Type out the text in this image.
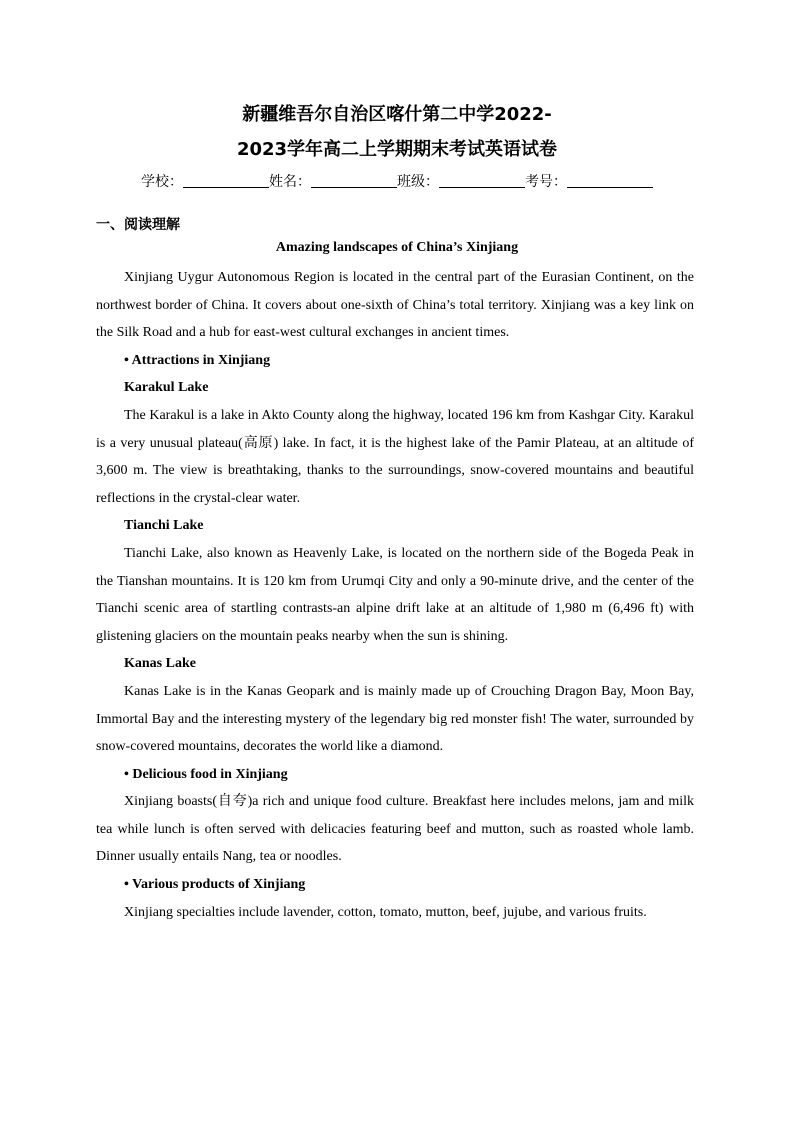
新疆维吾尔自治区喀什第二中学2022-
2023学年高二上学期期末考试英语试卷
学校：	姓名：	班级：	考号：
一、阅读理解
Amazing landscapes of China’s Xinjiang

Xinjiang Uygur Autonomous Region is located in the central part of the Eurasian Continent, on the northwest border of China. It covers about one-sixth of China’s total territory. Xinjiang was a key link on the Silk Road and a hub for east-west cultural exchanges in ancient times.

• Attractions in Xinjiang

Karakul Lake

The Karakul is a lake in Akto County along the highway, located 196 km from Kashgar City. Karakul is a very unusual plateau(高原) lake. In fact, it is the highest lake of the Pamir Plateau, at an altitude of 3,600 m. The view is breathtaking, thanks to the surroundings, snow-covered mountains and beautiful reflections in the crystal-clear water.

Tianchi Lake

Tianchi Lake, also known as Heavenly Lake, is located on the northern side of the Bogeda Peak in the Tianshan mountains. It is 120 km from Urumqi City and only a 90-minute drive, and the center of the Tianchi scenic area of startling contrasts-an alpine drift lake at an altitude of 1,980 m (6,496 ft) with glistening glaciers on the mountain peaks nearby when the sun is shining.

Kanas Lake

Kanas Lake is in the Kanas Geopark and is mainly made up of Crouching Dragon Bay, Moon Bay, Immortal Bay and the interesting mystery of the legendary big red monster fish! The water, surrounded by snow-covered mountains, decorates the world like a diamond.

• Delicious food in Xinjiang

Xinjiang boasts(自夸)a rich and unique food culture. Breakfast here includes melons, jam and milk tea while lunch is often served with delicacies featuring beef and mutton, such as roasted whole lamb. Dinner usually entails Nang, tea or noodles.

• Various products of Xinjiang

Xinjiang specialties include lavender, cotton, tomato, mutton, beef, jujube, and various fruits.
